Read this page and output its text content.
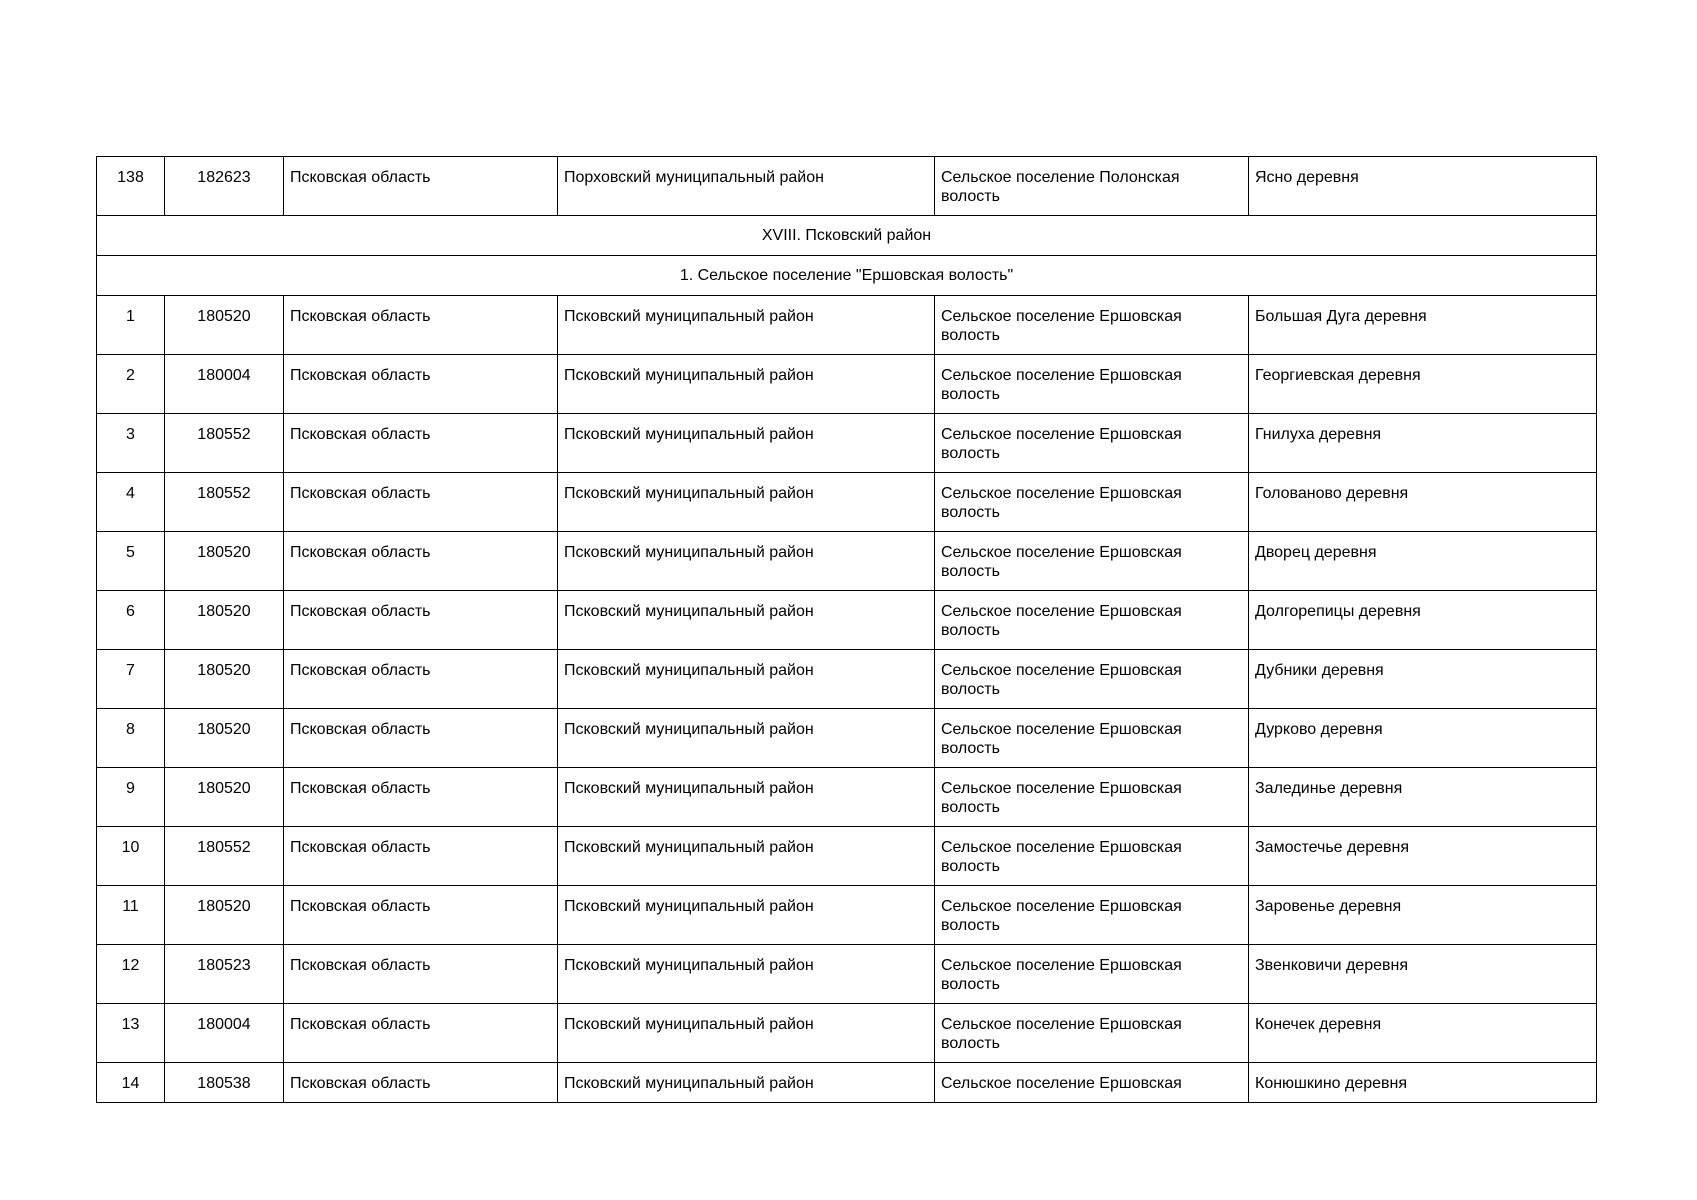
138	182623	Псковская область	Порховский муниципальный район	Сельское поселение Полонская волость	Ясно деревня
XVIII. Псковский район					
1. Сельское поселение "Ершовская волость"					
1	180520	Псковская область	Псковский муниципальный район	Сельское поселение Ершовская волость	Большая Дуга деревня
2	180004	Псковская область	Псковский муниципальный район	Сельское поселение Ершовская волость	Георгиевская деревня
3	180552	Псковская область	Псковский муниципальный район	Сельское поселение Ершовская волость	Гнилуха деревня
4	180552	Псковская область	Псковский муниципальный район	Сельское поселение Ершовская волость	Голованово деревня
5	180520	Псковская область	Псковский муниципальный район	Сельское поселение Ершовская волость	Дворец деревня
6	180520	Псковская область	Псковский муниципальный район	Сельское поселение Ершовская волость	Долгорепицы деревня
7	180520	Псковская область	Псковский муниципальный район	Сельское поселение Ершовская волость	Дубники деревня
8	180520	Псковская область	Псковский муниципальный район	Сельское поселение Ершовская волость	Дурково деревня
9	180520	Псковская область	Псковский муниципальный район	Сельское поселение Ершовская волость	Залединье деревня
10	180552	Псковская область	Псковский муниципальный район	Сельское поселение Ершовская волость	Замостечье деревня
11	180520	Псковская область	Псковский муниципальный район	Сельское поселение Ершовская волость	Заровенье деревня
12	180523	Псковская область	Псковский муниципальный район	Сельское поселение Ершовская волость	Звенковичи деревня
13	180004	Псковская область	Псковский муниципальный район	Сельское поселение Ершовская волость	Конечек деревня
14	180538	Псковская область	Псковский муниципальный район	Сельское поселение Ершовская	Конюшкино деревня
